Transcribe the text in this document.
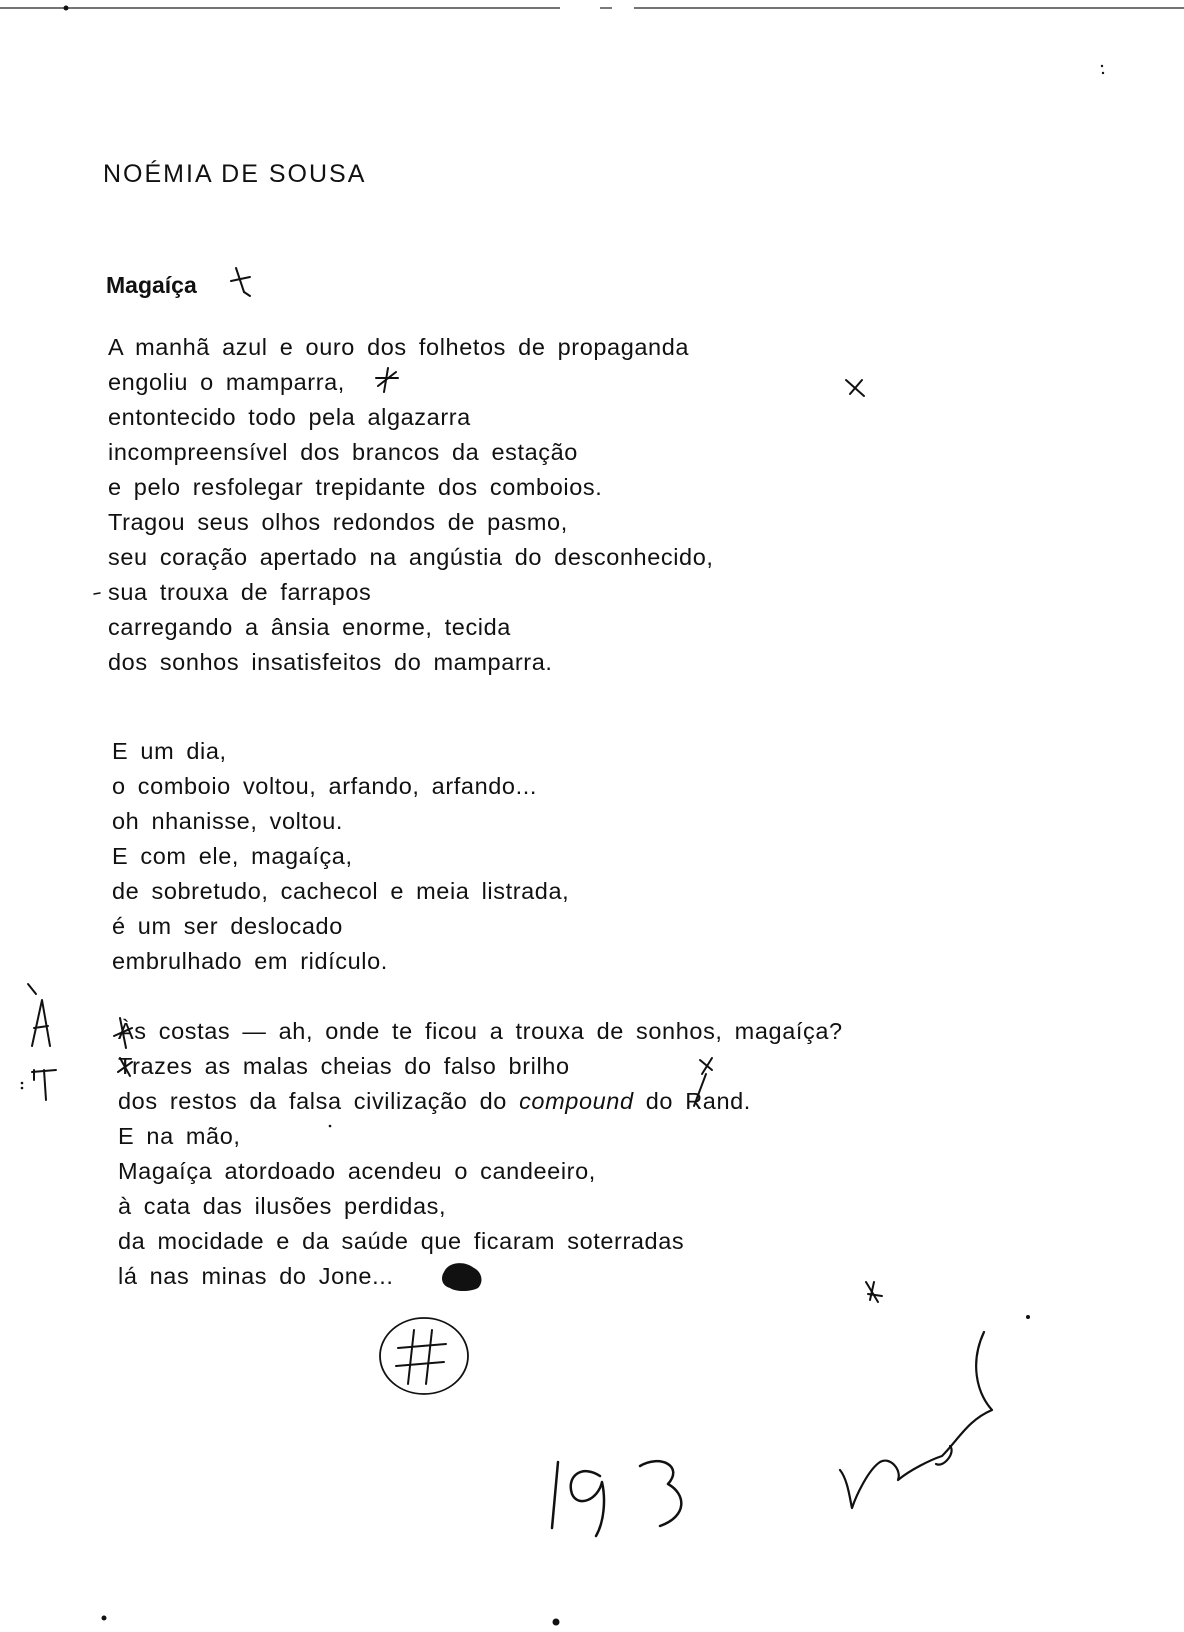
NOÉMIA DE SOUSA
Magaíça
A manhã azul e ouro dos folhetos de propaganda
engoliu o mamparra,
entontecido todo pela algazarra
incompreensível dos brancos da estação
e pelo resfolegar trepidante dos comboios.
Tragou seus olhos redondos de pasmo,
seu coração apertado na angústia do desconhecido,
sua trouxa de farrapos
carregando a ânsia enorme, tecida
dos sonhos insatisfeitos do mamparra.
E um dia,
o comboio voltou, arfando, arfando...
oh nhanisse, voltou.
E com ele, magaíça,
de sobretudo, cachecol e meia listrada,
é um ser deslocado
embrulhado em ridículo.
Às costas — ah, onde te ficou a trouxa de sonhos, magaíça?
Trazes as malas cheias do falso brilho
dos restos da falsa civilização do compound do Rand.
E na mão,
Magaíça atordoado acendeu o candeeiro,
à cata das ilusões perdidas,
da mocidade e da saúde que ficaram soterradas
lá nas minas do Jone...
